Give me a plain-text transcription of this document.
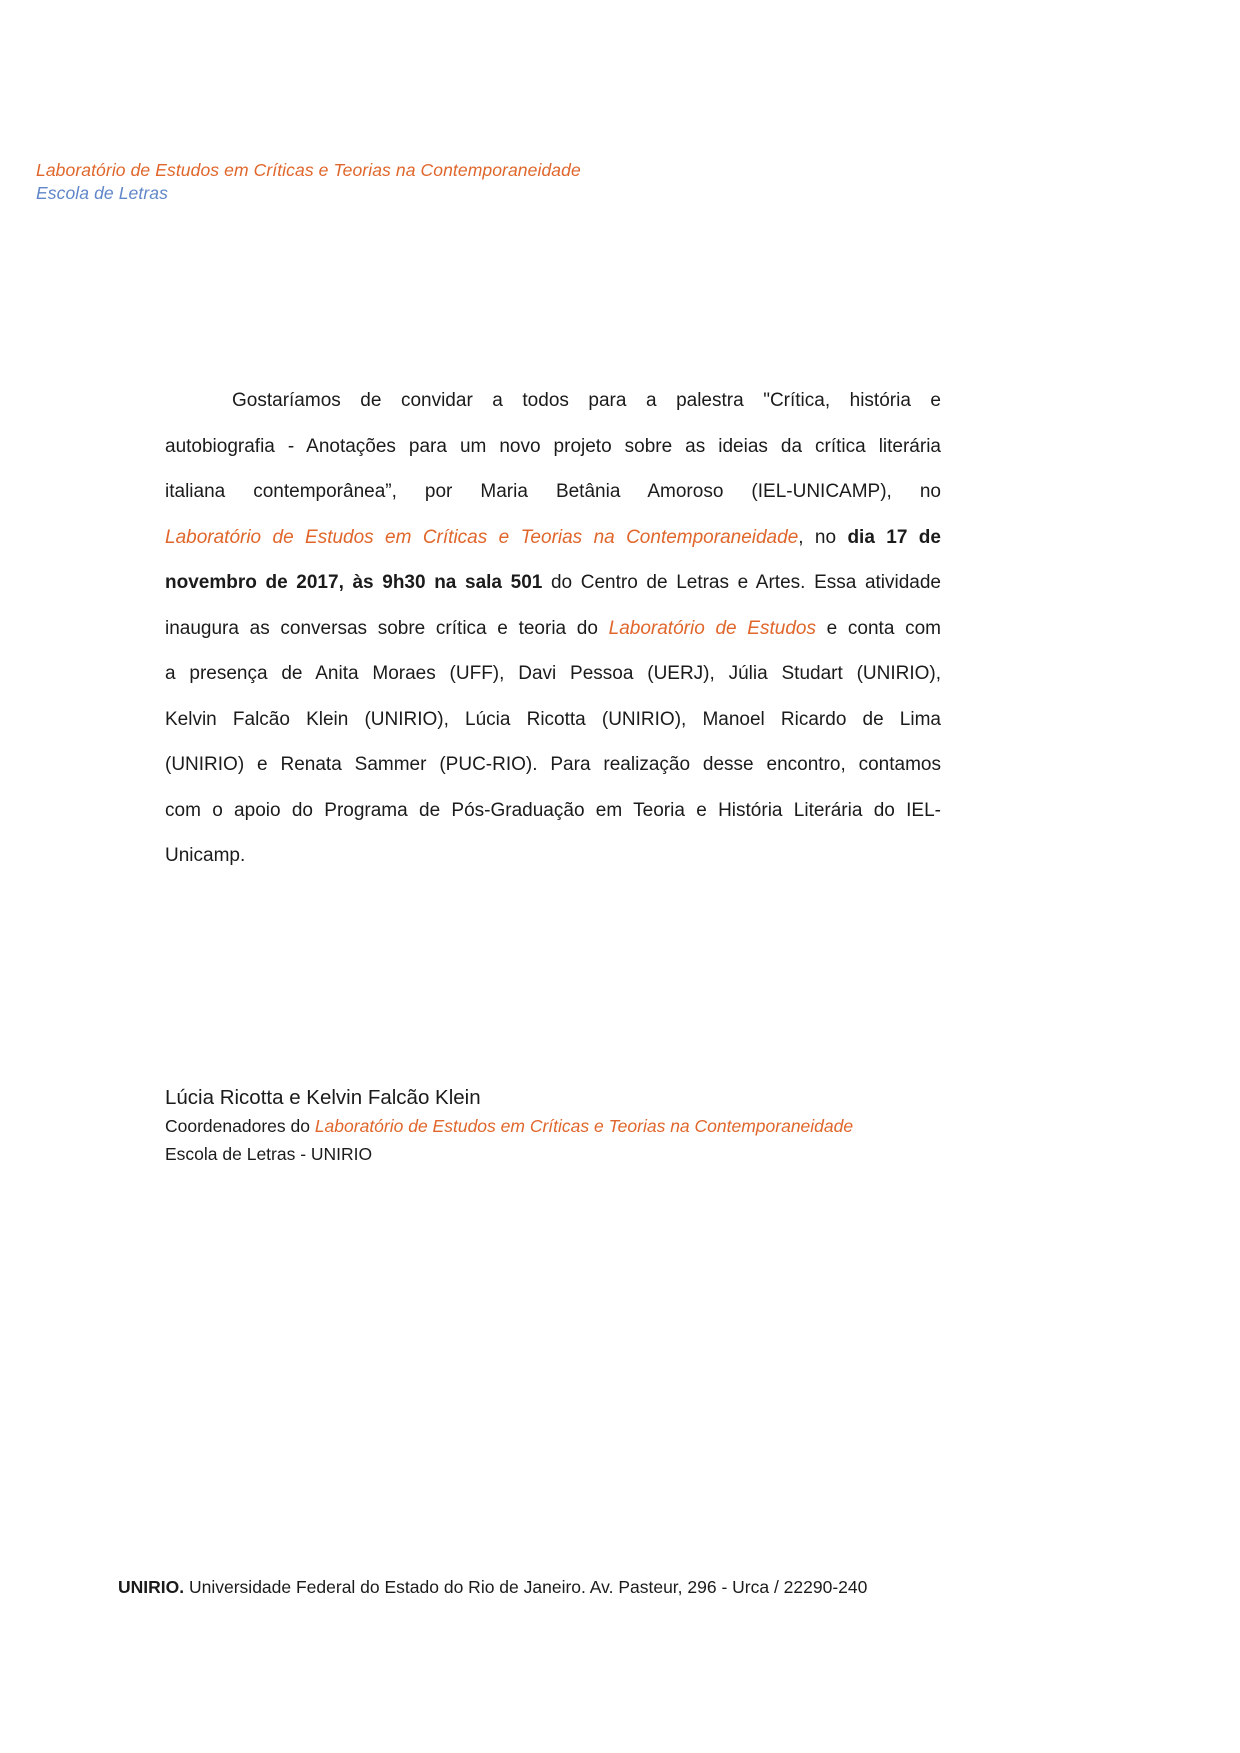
Laboratório de Estudos em Críticas e Teorias na Contemporaneidade
Escola de Letras
Gostaríamos de convidar a todos para a palestra "Crítica, história e
autobiografia - Anotações para um novo projeto sobre as ideias da crítica literária
italiana contemporânea”, por Maria Betânia Amoroso (IEL-UNICAMP), no
Laboratório de Estudos em Críticas e Teorias na Contemporaneidade, no dia 17 de
novembro de 2017, às 9h30 na sala 501 do Centro de Letras e Artes. Essa atividade
inaugura as conversas sobre crítica e teoria do Laboratório de Estudos e conta com
a presença de Anita Moraes (UFF), Davi Pessoa (UERJ), Júlia Studart (UNIRIO),
Kelvin Falcão Klein (UNIRIO), Lúcia Ricotta (UNIRIO), Manoel Ricardo de Lima
(UNIRIO) e Renata Sammer (PUC-RIO). Para realização desse encontro, contamos
com o apoio do Programa de Pós-Graduação em Teoria e História Literária do IEL-
Unicamp.
Lúcia Ricotta e Kelvin Falcão Klein
Coordenadores do Laboratório de Estudos em Críticas e Teorias na Contemporaneidade
Escola de Letras - UNIRIO
UNIRIO. Universidade Federal do Estado do Rio de Janeiro. Av. Pasteur, 296 - Urca / 22290-240
